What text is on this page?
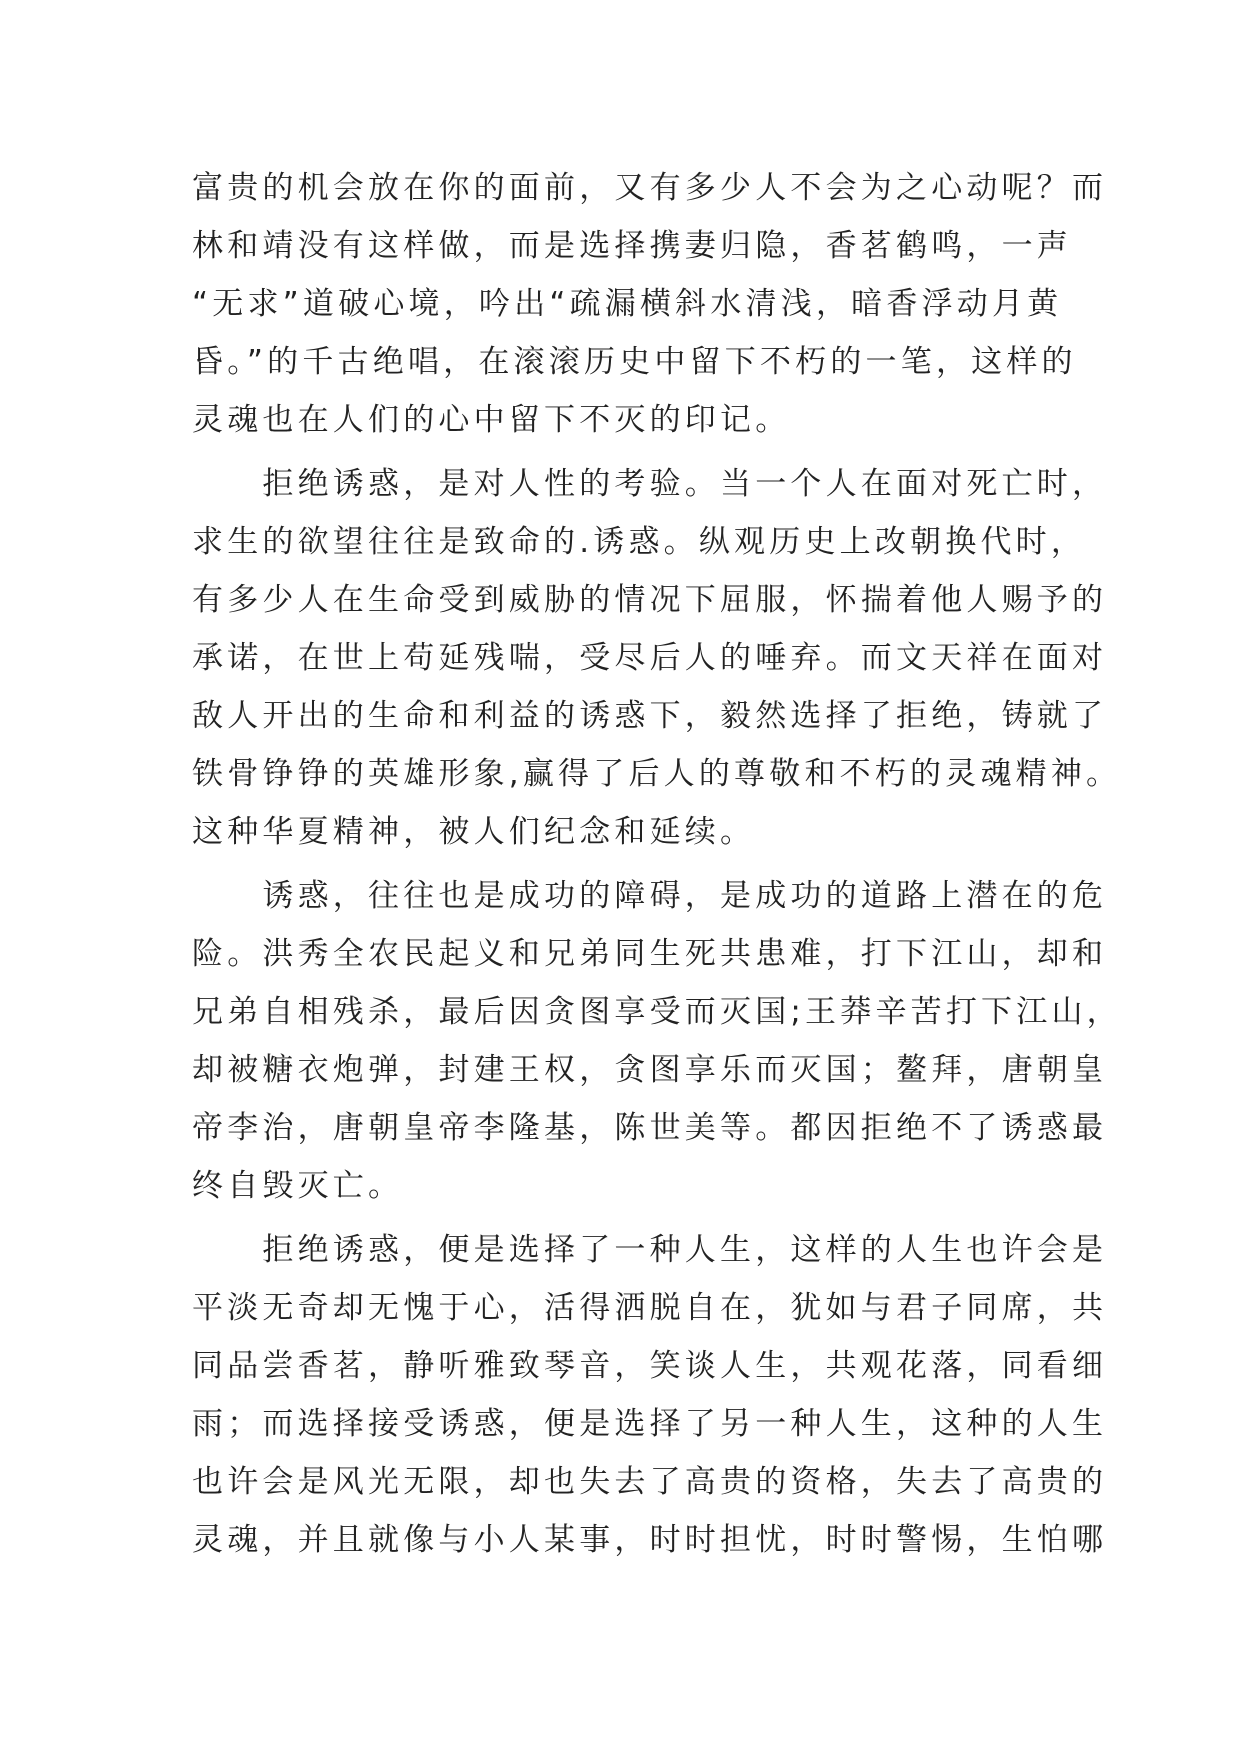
富贵的机会放在你的面前，又有多少人不会为之心动呢？而
林和靖没有这样做，而是选择携妻归隐，香茗鹤鸣，一声
“无求”道破心境，吟出“疏漏横斜水清浅，暗香浮动月黄
昏。”的千古绝唱，在滚滚历史中留下不朽的一笔，这样的
灵魂也在人们的心中留下不灭的印记。
　　拒绝诱惑，是对人性的考验。当一个人在面对死亡时，
求生的欲望往往是致命的.诱惑。纵观历史上改朝换代时，
有多少人在生命受到威胁的情况下屈服，怀揣着他人赐予的
承诺，在世上苟延残喘，受尽后人的唾弃。而文天祥在面对
敌人开出的生命和利益的诱惑下，毅然选择了拒绝，铸就了
铁骨铮铮的英雄形象,赢得了后人的尊敬和不朽的灵魂精神。
这种华夏精神，被人们纪念和延续。
　　诱惑，往往也是成功的障碍，是成功的道路上潜在的危
险。洪秀全农民起义和兄弟同生死共患难，打下江山，却和
兄弟自相残杀，最后因贪图享受而灭国;王莽辛苦打下江山，
却被糖衣炮弹，封建王权，贪图享乐而灭国；鳌拜，唐朝皇
帝李治，唐朝皇帝李隆基，陈世美等。都因拒绝不了诱惑最
终自毁灭亡。
　　拒绝诱惑，便是选择了一种人生，这样的人生也许会是
平淡无奇却无愧于心，活得洒脱自在，犹如与君子同席，共
同品尝香茗，静听雅致琴音，笑谈人生，共观花落，同看细
雨；而选择接受诱惑，便是选择了另一种人生，这种的人生
也许会是风光无限，却也失去了高贵的资格，失去了高贵的
灵魂，并且就像与小人某事，时时担忧，时时警惕，生怕哪
